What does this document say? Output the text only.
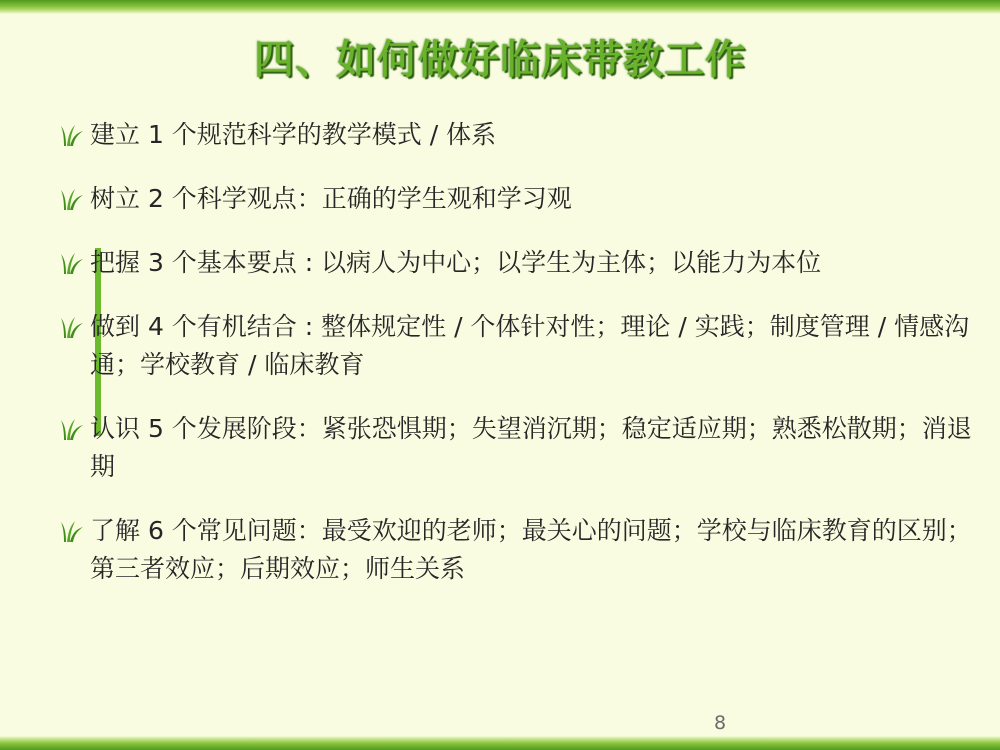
四、如何做好临床带教工作
建立 1 个规范科学的教学模式 / 体系
树立 2 个科学观点：正确的学生观和学习观
把握 3 个基本要点 : 以病人为中心；以学生为主体；以能力为本位
做到 4 个有机结合 : 整体规定性 / 个体针对性；理论 / 实践；制度管理 / 情感沟通；学校教育 / 临床教育
认识 5 个发展阶段：紧张恐惧期；失望消沉期；稳定适应期；熟悉松散期；消退期
了解 6 个常见问题：最受欢迎的老师；最关心的问题；学校与临床教育的区别；第三者效应；后期效应；师生关系
8
